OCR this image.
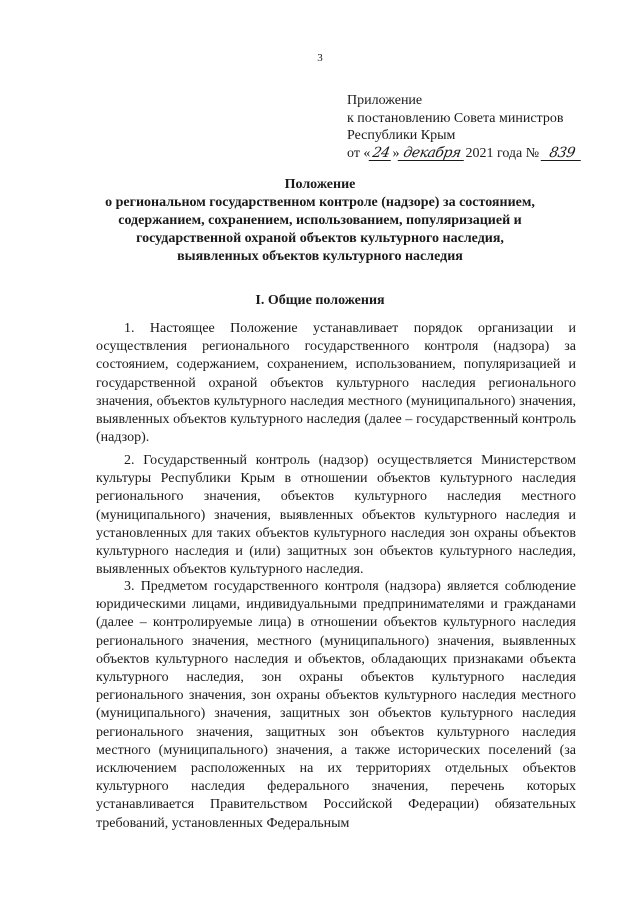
3
Приложение
к постановлению Совета министров
Республики Крым
от «24» декабря 2021 года № 839
Положение
о региональном государственном контроле (надзоре) за состоянием,
содержанием, сохранением, использованием, популяризацией и
государственной охраной объектов культурного наследия,
выявленных объектов культурного наследия
I. Общие положения

1. Настоящее Положение устанавливает порядок организации и осуществления регионального государственного контроля (надзора) за состоянием, содержанием, сохранением, использованием, популяризацией и государственной охраной объектов культурного наследия регионального значения, объектов культурного наследия местного (муниципального) значения, выявленных объектов культурного наследия (далее – государственный контроль (надзор).

2. Государственный контроль (надзор) осуществляется Министерством культуры Республики Крым в отношении объектов культурного наследия регионального значения, объектов культурного наследия местного (муниципального) значения, выявленных объектов культурного наследия и установленных для таких объектов культурного наследия зон охраны объектов культурного наследия и (или) защитных зон объектов культурного наследия, выявленных объектов культурного наследия.

3. Предметом государственного контроля (надзора) является соблюдение юридическими лицами, индивидуальными предпринимателями и гражданами (далее – контролируемые лица) в отношении объектов культурного наследия регионального значения, местного (муниципального) значения, выявленных объектов культурного наследия и объектов, обладающих признаками объекта культурного наследия, зон охраны объектов культурного наследия регионального значения, зон охраны объектов культурного наследия местного (муниципального) значения, защитных зон объектов культурного наследия регионального значения, защитных зон объектов культурного наследия местного (муниципального) значения, а также исторических поселений (за исключением расположенных на их территориях отдельных объектов культурного наследия федерального значения, перечень которых устанавливается Правительством Российской Федерации) обязательных требований, установленных Федеральным
